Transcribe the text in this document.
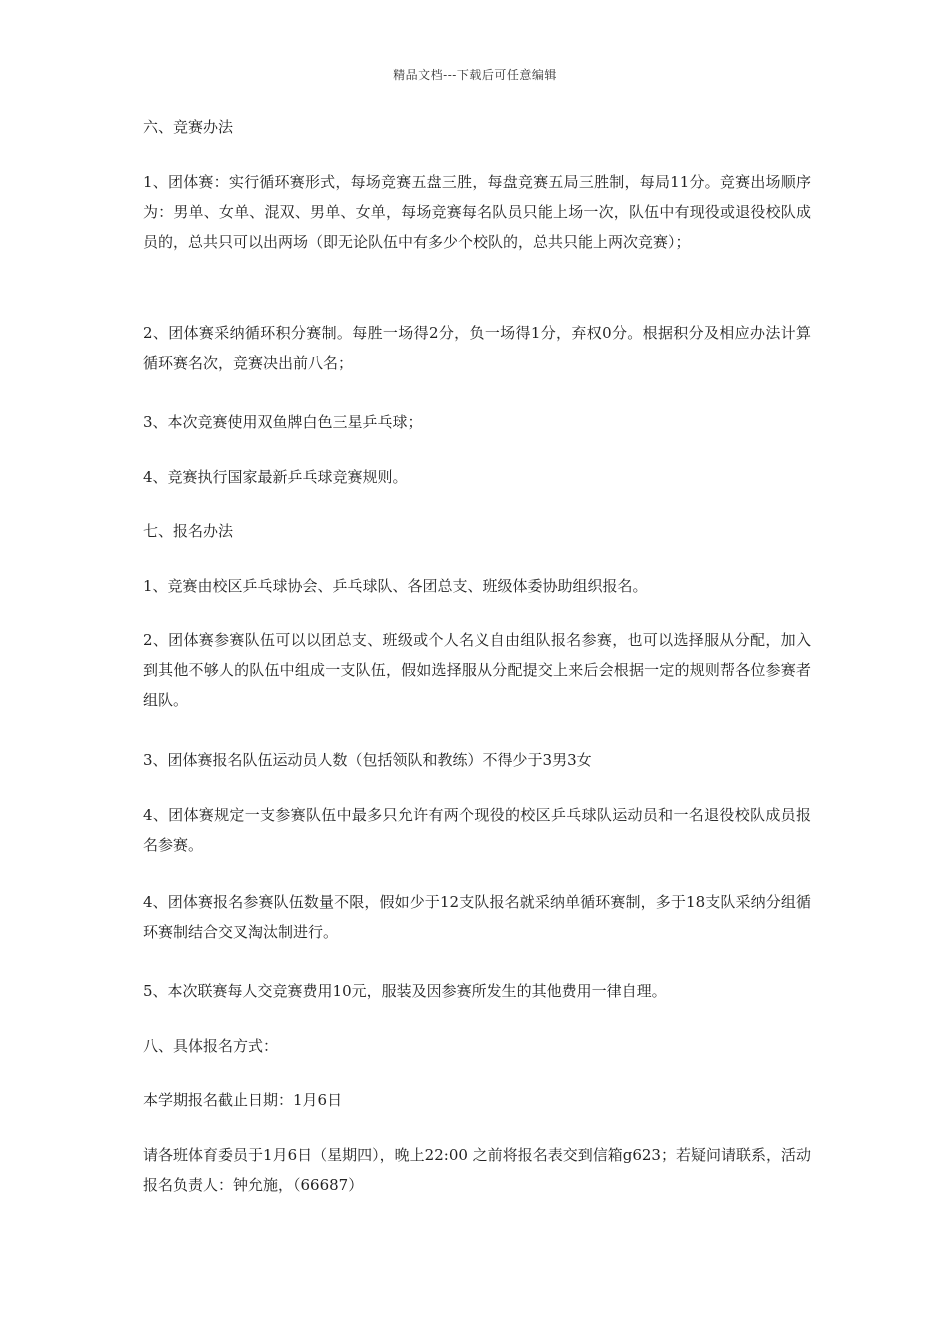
精品文档---下载后可任意编辑

六、竞赛办法

1、团体赛：实行循环赛形式，每场竞赛五盘三胜，每盘竞赛五局三胜制，每局11分。竞赛出场顺序为：男单、女单、混双、男单、女单，每场竞赛每名队员只能上场一次，队伍中有现役或退役校队成员的，总共只可以出两场（即无论队伍中有多少个校队的，总共只能上两次竞赛）；

2、团体赛采纳循环积分赛制。每胜一场得2分，负一场得1分，弃权0分。根据积分及相应办法计算循环赛名次，竞赛决出前八名；

3、本次竞赛使用双鱼牌白色三星乒乓球；

4、竞赛执行国家最新乒乓球竞赛规则。

七、报名办法

1、竞赛由校区乒乓球协会、乒乓球队、各团总支、班级体委协助组织报名。

2、团体赛参赛队伍可以以团总支、班级或个人名义自由组队报名参赛，也可以选择服从分配，加入到其他不够人的队伍中组成一支队伍，假如选择服从分配提交上来后会根据一定的规则帮各位参赛者组队。

3、团体赛报名队伍运动员人数（包括领队和教练）不得少于3男3女

4、团体赛规定一支参赛队伍中最多只允许有两个现役的校区乒乓球队运动员和一名退役校队成员报名参赛。

4、团体赛报名参赛队伍数量不限，假如少于12支队报名就采纳单循环赛制，多于18支队采纳分组循环赛制结合交叉淘汰制进行。

5、本次联赛每人交竞赛费用10元，服装及因参赛所发生的其他费用一律自理。

八、具体报名方式：

本学期报名截止日期：1月6日

请各班体育委员于1月6日（星期四），晚上22:00 之前将报名表交到信箱g623；若疑问请联系，活动报名负责人：钟允施，（66687）
